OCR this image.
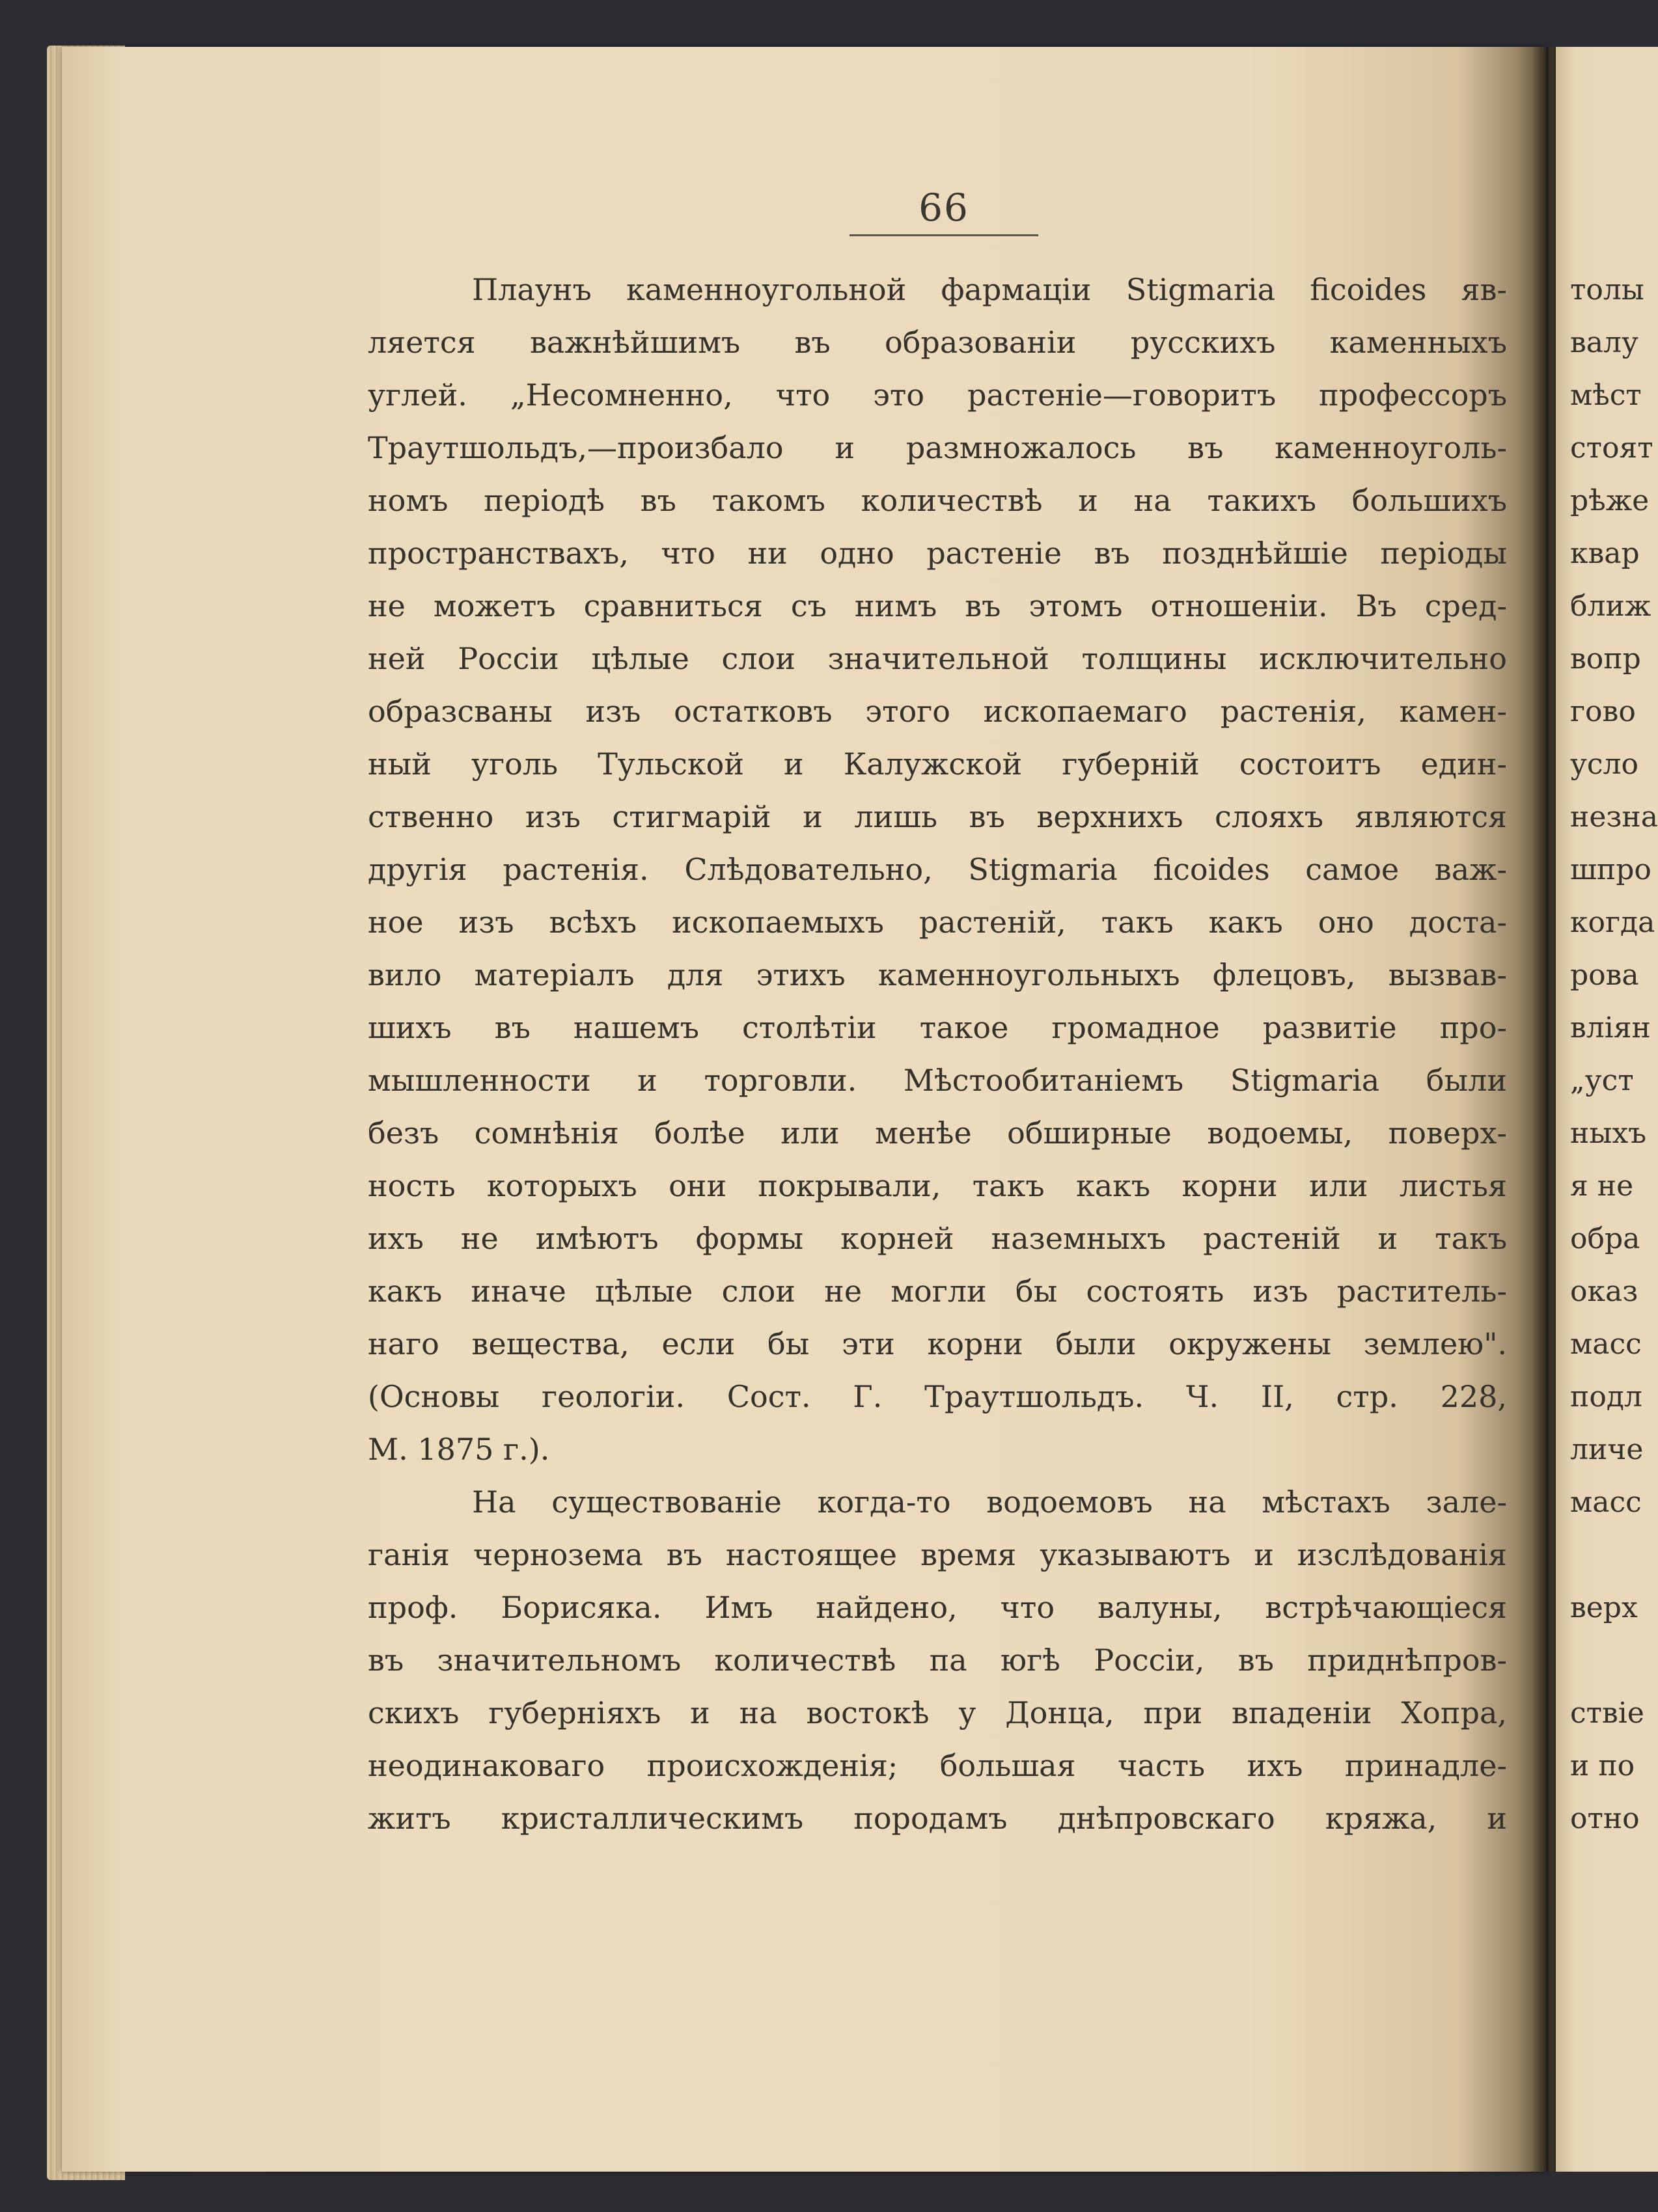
66
Плаунъ каменноугольной фармацiи Stigmaria ficoides яв-
ляется важнѣйшимъ въ образованiи русскихъ каменныхъ
углей. „Несомненно, что это растенiе—говоритъ профессоръ
Траутшольдъ,—произбало и размножалось въ каменноуголь-
номъ перiодѣ въ такомъ количествѣ и на такихъ большихъ
пространствахъ, что ни одно растенiе въ позднѣйшiе перiоды
не можетъ сравниться съ нимъ въ этомъ отношенiи. Въ сред-
ней Россiи цѣлые слои значительной толщины исключительно
образсваны изъ остатковъ этого ископаемаго растенiя, камен-
ный уголь Тульской и Калужской губернiй состоитъ един-
ственно изъ стигмарiй и лишь въ верхнихъ слояхъ являются
другiя растенiя. Слѣдовательно, Stigmaria ficoides самое важ-
ное изъ всѣхъ ископаемыхъ растенiй, такъ какъ оно доста-
вило матерiалъ для этихъ каменноугольныхъ флецовъ, вызвав-
шихъ въ нашемъ столѣтiи такое громадное развитiе про-
мышленности и торговли. Мѣстообитанiемъ Stigmaria были
безъ сомнѣнiя болѣе или менѣе обширные водоемы, поверх-
ность которыхъ они покрывали, такъ какъ корни или листья
ихъ не имѣютъ формы корней наземныхъ растенiй и такъ
какъ иначе цѣлые слои не могли бы состоять изъ раститель-
наго вещества, если бы эти корни были окружены землею".
(Основы геологiи. Сост. Г. Траутшольдъ. Ч. II, стр. 228,
М. 1875 г.).
На существованiе когда-то водоемовъ на мѣстахъ зале-
ганiя чернозема въ настоящее время указываютъ и изслѣдованiя
проф. Борисяка. Имъ найдено, что валуны, встрѣчающiеся
въ значительномъ количествѣ па югѣ Россiи, въ приднѣпров-
скихъ губернiяхъ и на востокѣ у Донца, при впаденiи Хопра,
неодинаковаго происхожденiя; большая часть ихъ принадле-
житъ кристаллическимъ породамъ днѣпровскаго кряжа, и
толы
валу
мѣст
стоят
рѣже
квар
ближ
вопр
гово
усло
незна
шпро
когда
рова
влiян
„уст
ныхъ
я не
обра
оказ
масс
подл
личе
масс
верх
ствiе
и по
отно
